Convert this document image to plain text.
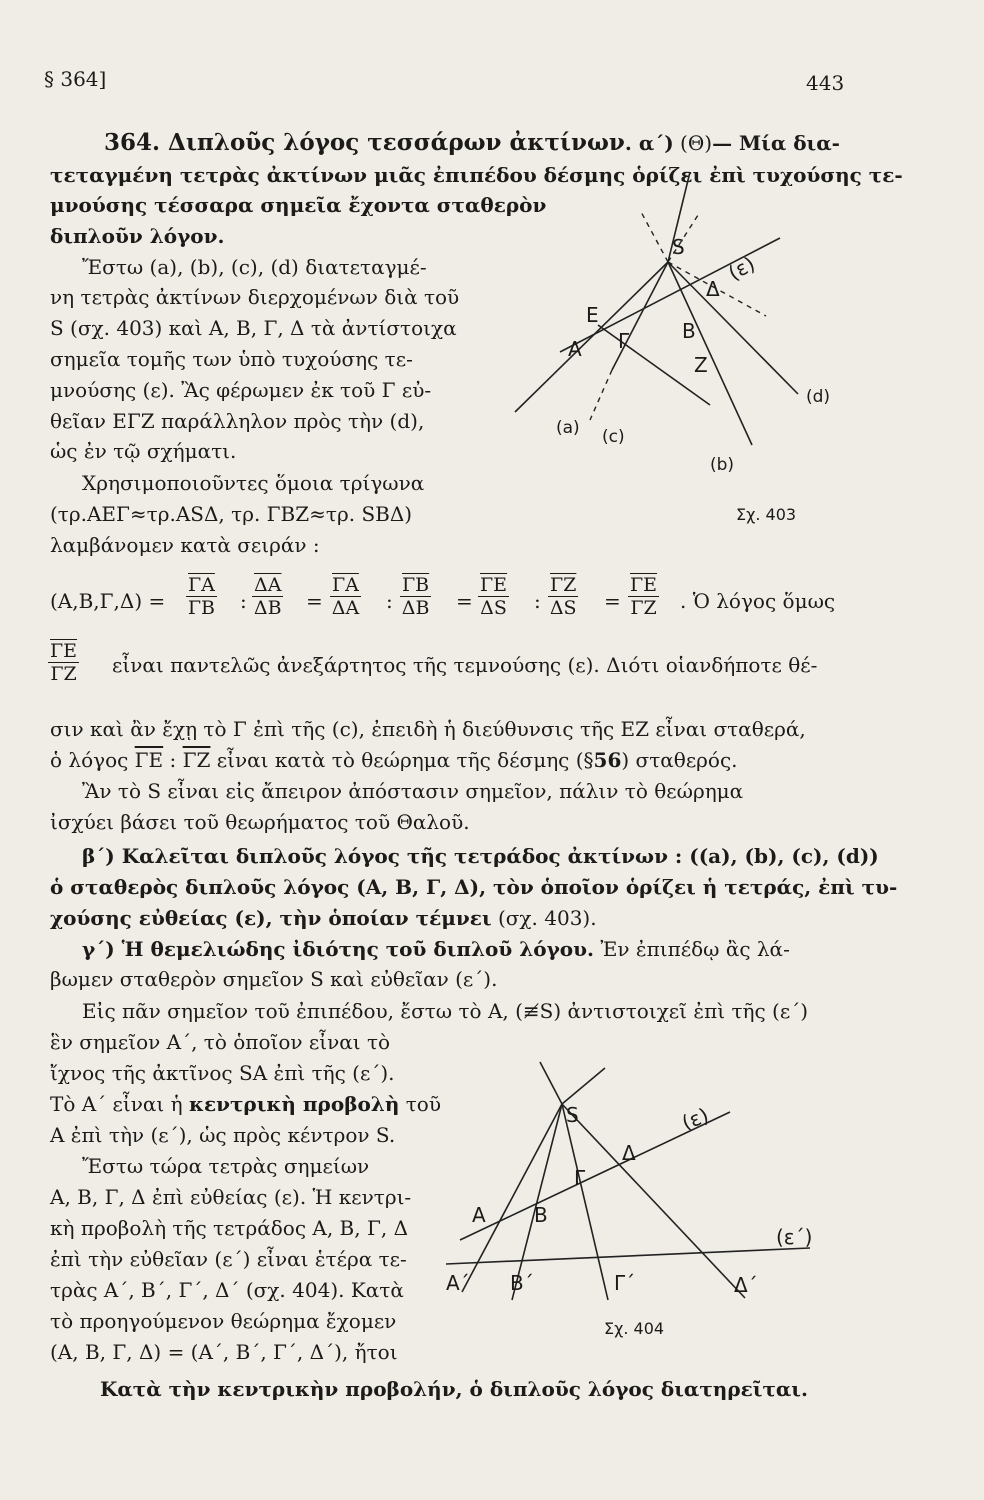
§ 364]	443
364. Διπλοῦς λόγος τεσσάρων ἀκτίνων. α΄) (Θ)— Μία δια-
τεταγμένη τετρὰς ἀκτίνων μιᾶς ἐπιπέδου δέσμης ὁρίζει ἐπὶ τυχούσης τε-
μνούσης τέσσαρα σημεῖα ἔχοντα σταθερὸν
διπλοῦν λόγον.
Ἔστω (a), (b), (c), (d) διατεταγμέ-
νη τετρὰς ἀκτίνων διερχομένων διὰ τοῦ
S (σχ. 403) καὶ Α, Β, Γ, Δ τὰ ἀντίστοιχα
σημεῖα τομῆς των ὑπὸ τυχούσης τε-
μνούσης (ε). Ἂς φέρωμεν ἐκ τοῦ Γ εὐ-
θεῖαν ΕΓΖ παράλληλον πρὸς τὴν (d),
ὡς ἐν τῷ σχήματι.
Χρησιμοποιοῦντες ὅμοια τρίγωνα
(τρ.ΑΕΓ≈τρ.ΑSΔ, τρ. ΓΒΖ≈τρ. SΒΔ)
λαμβάνομεν κατὰ σειράν :
$(A,B,\Gamma,\Delta) = \frac{\overline{\Gamma A}}{\Gamma B}$ : $\frac{\overline{\Delta A}}{\Delta B} = \frac{\overline{\Gamma A}}{\Delta A}$ : $\frac{\overline{\Gamma B}}{\Delta B} = \frac{\overline{\Gamma E}}{\Delta S}$ : $\frac{\overline{\Gamma Z}}{\Delta S} = \frac{\overline{\Gamma E}}{\Gamma Z}$ . Ὁ λόγος ὅμως
$\frac{\overline{\Gamma E}}{\Gamma Z}$ εἶναι παντελῶς ἀνεξάρτητος τῆς τεμνούσης (ε). Διότι οἱανδήποτε θέ-
σιν καὶ ἂν ἔχῃ τὸ Γ ἐπὶ τῆς (c), ἐπειδὴ ἡ διεύθυνσις τῆς ΕΖ εἶναι σταθερά,
ὁ λόγος $\overline{\Gamma E}$ : $\overline{\Gamma Z}$ εἶναι κατὰ τὸ θεώρημα τῆς δέσμης (§56) σταθερός.
Ἂν τὸ S εἶναι εἰς ἄπειρον ἀπόστασιν σημεῖον, πάλιν τὸ θεώρημα
ἰσχύει βάσει τοῦ θεωρήματος τοῦ Θαλοῦ.
β΄) Καλεῖται διπλοῦς λόγος τῆς τετράδος ἀκτίνων : ((a), (b), (c), (d))
ὁ σταθερὸς διπλοῦς λόγος (Α, Β, Γ, Δ), τὸν ὁποῖον ὁρίζει ἡ τετράς, ἐπὶ τυ-
χούσης εὐθείας (ε), τὴν ὁποίαν τέμνει (σχ. 403).
γ΄) Ἡ θεμελιώδης ἰδιότης τοῦ διπλοῦ λόγου. Ἐν ἐπιπέδῳ ἂς λά-
βωμεν σταθερὸν σημεῖον S καὶ εὐθεῖαν (ε΄).
Εἰς πᾶν σημεῖον τοῦ ἐπιπέδου, ἔστω τὸ Α, (≢S) ἀντιστοιχεῖ ἐπὶ τῆς (ε΄)
ἓν σημεῖον Α΄, τὸ ὁποῖον εἶναι τὸ
ἴχνος τῆς ἀκτῖνος SΑ ἐπὶ τῆς (ε΄).
Τὸ Α΄ εἶναι ἡ κεντρικὴ προβολὴ τοῦ
Α ἐπὶ τὴν (ε΄), ὡς πρὸς κέντρον S.
Ἔστω τώρα τετρὰς σημείων
Α, Β, Γ, Δ ἐπὶ εὐθείας (ε). Ἡ κεντρι-
κὴ προβολὴ τῆς τετράδος Α, Β, Γ, Δ
ἐπὶ τὴν εὐθεῖαν (ε΄) εἶναι ἑτέρα τε-
τρὰς Α΄, Β΄, Γ΄, Δ΄ (σχ. 404). Κατὰ
τὸ προηγούμενον θεώρημα ἔχομεν
(Α, Β, Γ, Δ) = (Α΄, Β΄, Γ΄, Δ΄), ἤτοι
Κατὰ τὴν κεντρικὴν προβολήν, ὁ διπλοῦς λόγος διατηρεῖται.
S
(ε)
E
Δ
A Γ	B
Z
(a)
(b)
(c)
(d)
Σχ. 403
S	(ε)
Δ
Γ
A B
(ε΄)
A΄ B΄	Γ΄	Δ΄
Σχ. 404
